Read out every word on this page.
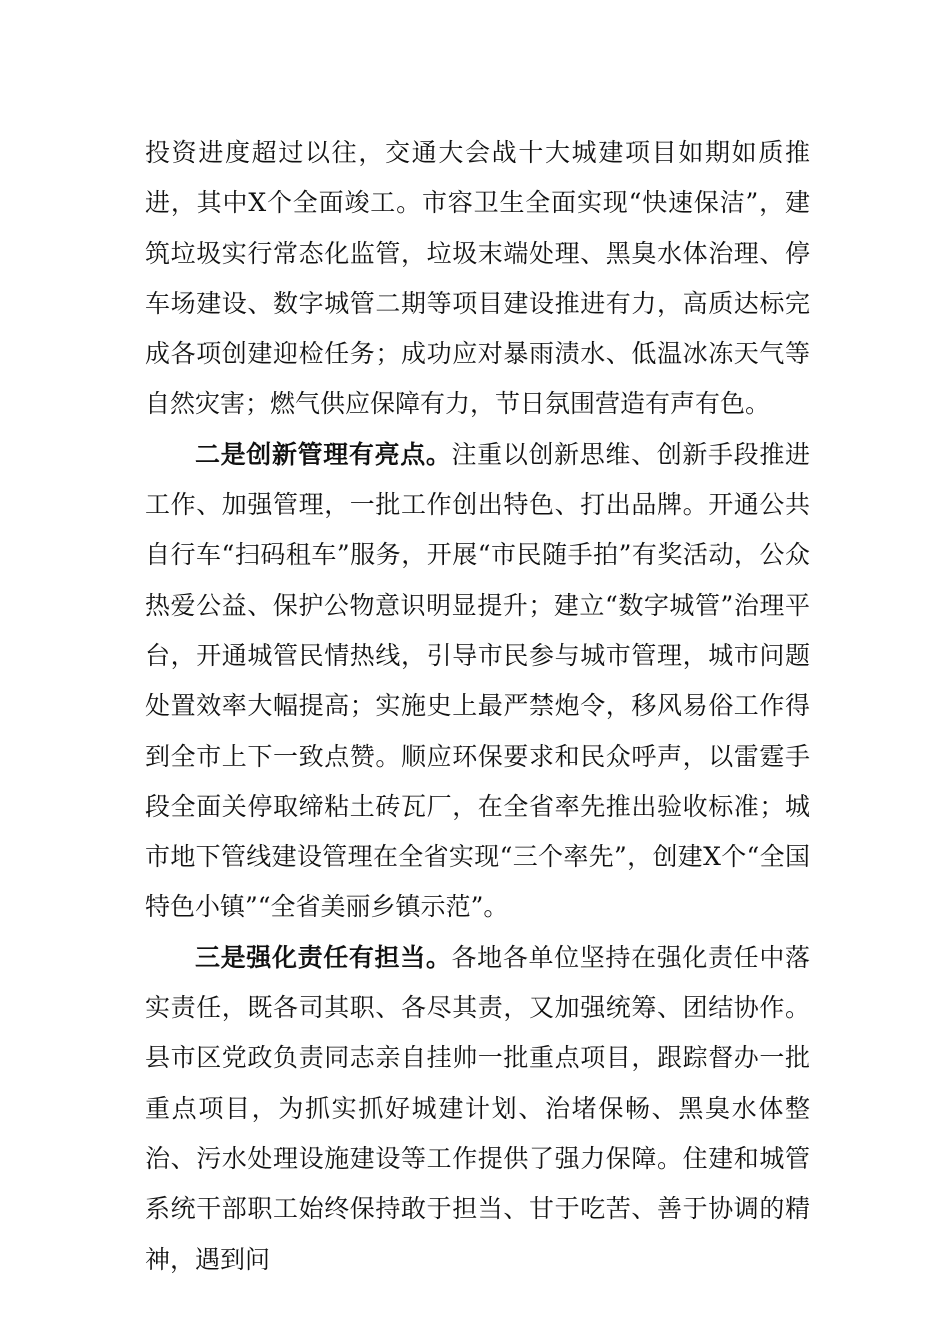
投资进度超过以往，交通大会战十大城建项目如期如质推进，其中X个全面竣工。市容卫生全面实现“快速保洁”，建筑垃圾实行常态化监管，垃圾末端处理、黑臭水体治理、停车场建设、数字城管二期等项目建设推进有力，高质达标完成各项创建迎检任务；成功应对暴雨渍水、低温冰冻天气等自然灾害；燃气供应保障有力，节日氛围营造有声有色。

二是创新管理有亮点。注重以创新思维、创新手段推进工作、加强管理，一批工作创出特色、打出品牌。开通公共自行车“扫码租车”服务，开展“市民随手拍”有奖活动，公众热爱公益、保护公物意识明显提升；建立“数字城管”治理平台，开通城管民情热线，引导市民参与城市管理，城市问题处置效率大幅提高；实施史上最严禁炮令，移风易俗工作得到全市上下一致点赞。顺应环保要求和民众呼声，以雷霆手段全面关停取缔粘土砖瓦厂，在全省率先推出验收标准；城市地下管线建设管理在全省实现“三个率先”，创建X个“全国特色小镇”“全省美丽乡镇示范”。

三是强化责任有担当。各地各单位坚持在强化责任中落实责任，既各司其职、各尽其责，又加强统筹、团结协作。县市区党政负责同志亲自挂帅一批重点项目，跟踪督办一批重点项目，为抓实抓好城建计划、治堵保畅、黑臭水体整治、污水处理设施建设等工作提供了强力保障。住建和城管系统干部职工始终保持敢于担当、甘于吃苦、善于协调的精神，遇到问
